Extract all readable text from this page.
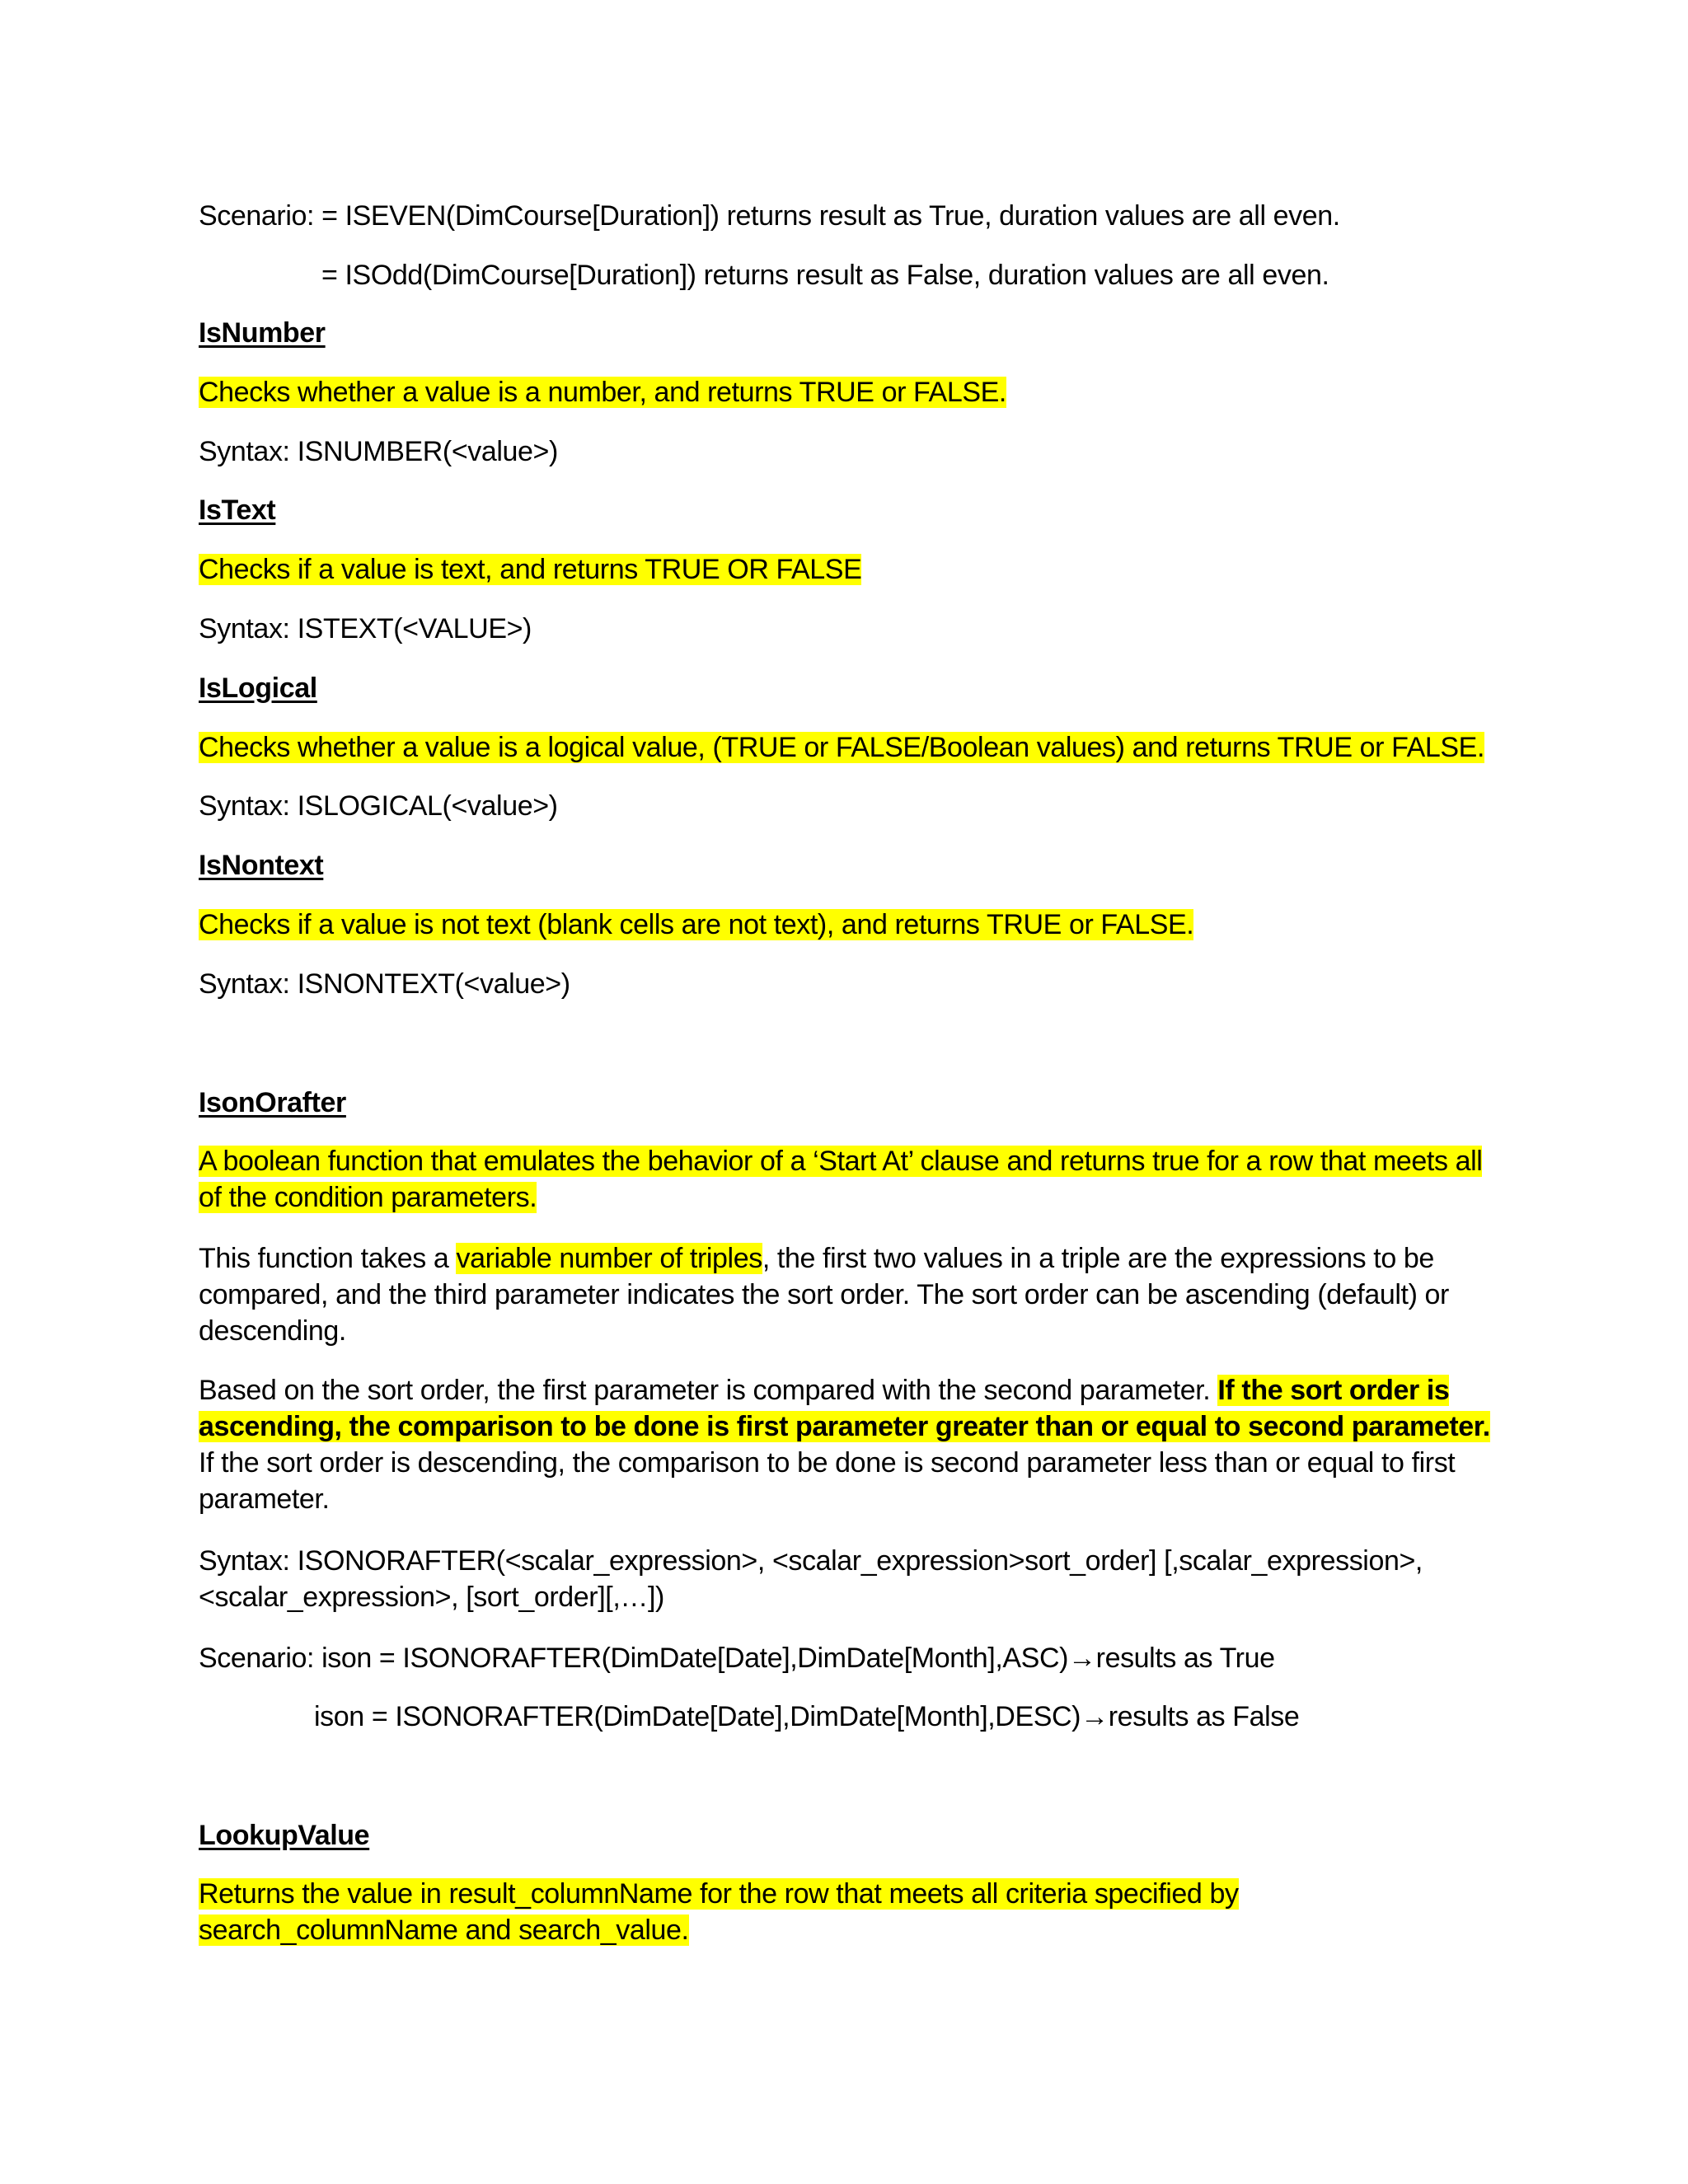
Scenario: = ISEVEN(DimCourse[Duration]) returns result as True, duration values are all even.
= ISOdd(DimCourse[Duration]) returns result as False, duration values are all even.
IsNumber
Checks whether a value is a number, and returns TRUE or FALSE.
Syntax: ISNUMBER(<value>)
IsText
Checks if a value is text, and returns TRUE OR FALSE
Syntax: ISTEXT(<VALUE>)
IsLogical
Checks whether a value is a logical value, (TRUE or FALSE/Boolean values) and returns TRUE or FALSE.
Syntax: ISLOGICAL(<value>)
IsNontext
Checks if a value is not text (blank cells are not text), and returns TRUE or FALSE.
Syntax: ISNONTEXT(<value>)
IsonOrafter
A boolean function that emulates the behavior of a ‘Start At’ clause and returns true for a row that meets all of the condition parameters.
This function takes a variable number of triples, the first two values in a triple are the expressions to be compared, and the third parameter indicates the sort order. The sort order can be ascending (default) or descending.
Based on the sort order, the first parameter is compared with the second parameter. If the sort order is ascending, the comparison to be done is first parameter greater than or equal to second parameter. If the sort order is descending, the comparison to be done is second parameter less than or equal to first parameter.
Syntax: ISONORAFTER(<scalar_expression>, <scalar_expression>sort_order] [,scalar_expression>, <scalar_expression>, [sort_order][,…])
Scenario: ison = ISONORAFTER(DimDate[Date],DimDate[Month],ASC)→results as True
ison = ISONORAFTER(DimDate[Date],DimDate[Month],DESC)→results as False
LookupValue
Returns the value in result_columnName for the row that meets all criteria specified by search_columnName and search_value.
